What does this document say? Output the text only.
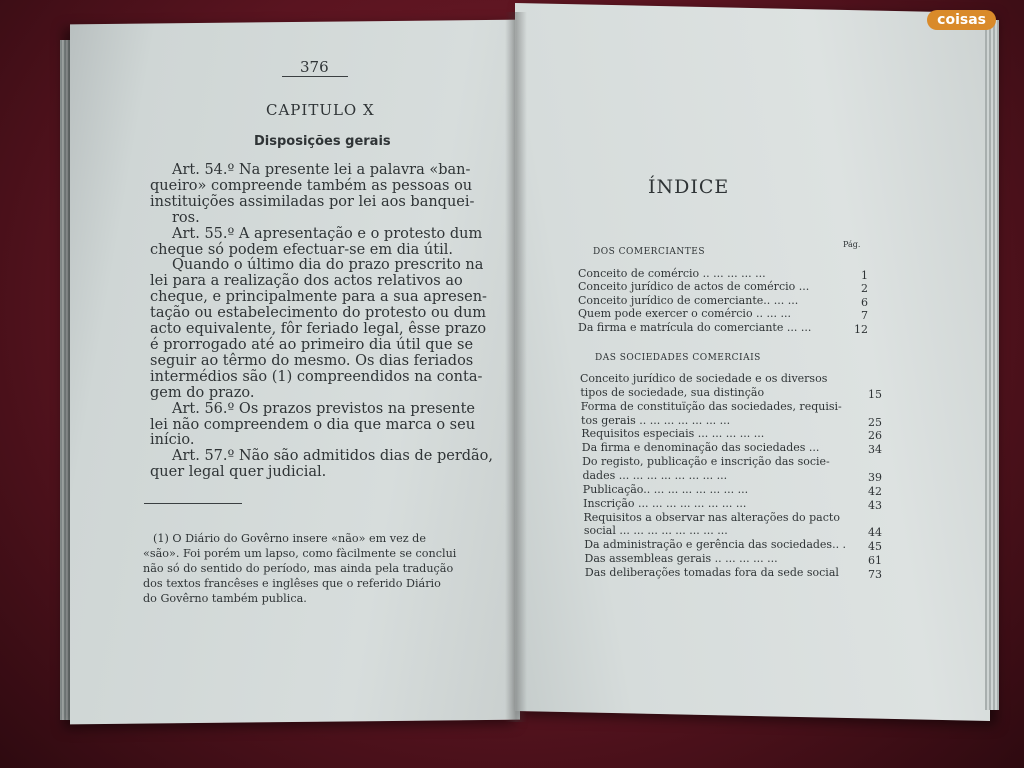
376
CAPITULO X
Disposições gerais
Art. 54.º Na presente lei a palavra «ban-
queiro» compreende também as pessoas ou
instituições assimiladas por lei aos banquei-
ros.
Art. 55.º A apresentação e o protesto dum
cheque só podem efectuar-se em dia útil.
Quando o último dia do prazo prescrito na
lei para a realização dos actos relativos ao
cheque, e principalmente para a sua apresen-
tação ou estabelecimento do protesto ou dum
acto equivalente, fôr feriado legal, êsse prazo
é prorrogado até ao primeiro dia útil que se
seguir ao têrmo do mesmo. Os dias feriados
intermédios são (1) compreendidos na conta-
gem do prazo.
Art. 56.º Os prazos previstos na presente
lei não compreendem o dia que marca o seu
início.
Art. 57.º Não são admitidos dias de perdão,
quer legal quer judicial.
(1) O Diário do Govêrno insere «não» em vez de
«são». Foi porém um lapso, como fàcilmente se conclui
não só do sentido do período, mas ainda pela tradução
dos textos francêses e inglêses que o referido Diário
do Govêrno também publica.
ÍNDICE
Pág.
DOS COMERCIANTES
DAS SOCIEDADES COMERCIAIS
Conceito de comércio .. ... ... ... ...	1
Conceito jurídico de actos de comércio ...	2
Conceito jurídico de comerciante.. ... ...	6
Quem pode exercer o comércio .. ... ...	7
Da firma e matrícula do comerciante ... ...	12
Conceito jurídico de sociedade e os diversos
tipos de sociedade, sua distinção	15
Forma de constituïção das sociedades, requisi-
tos gerais .. ... ... ... ... ... ...	25
Requisitos especiais ... ... ... ... ...	26
Da firma e denominação das sociedades ...	34
Do registo, publicação e inscrição das socie-
dades ... ... ... ... ... ... ... ...	39
Publicação.. ... ... ... ... ... ... ...	42
Inscrição ... ... ... ... ... ... ... ...	43
Requisitos a observar nas alterações do pacto
social ... ... ... ... ... ... ... ...	44
Da administração e gerência das sociedades.. .	45
Das assembleas gerais .. ... ... ... ...	61
Das deliberações tomadas fora da sede social	73
coisas
